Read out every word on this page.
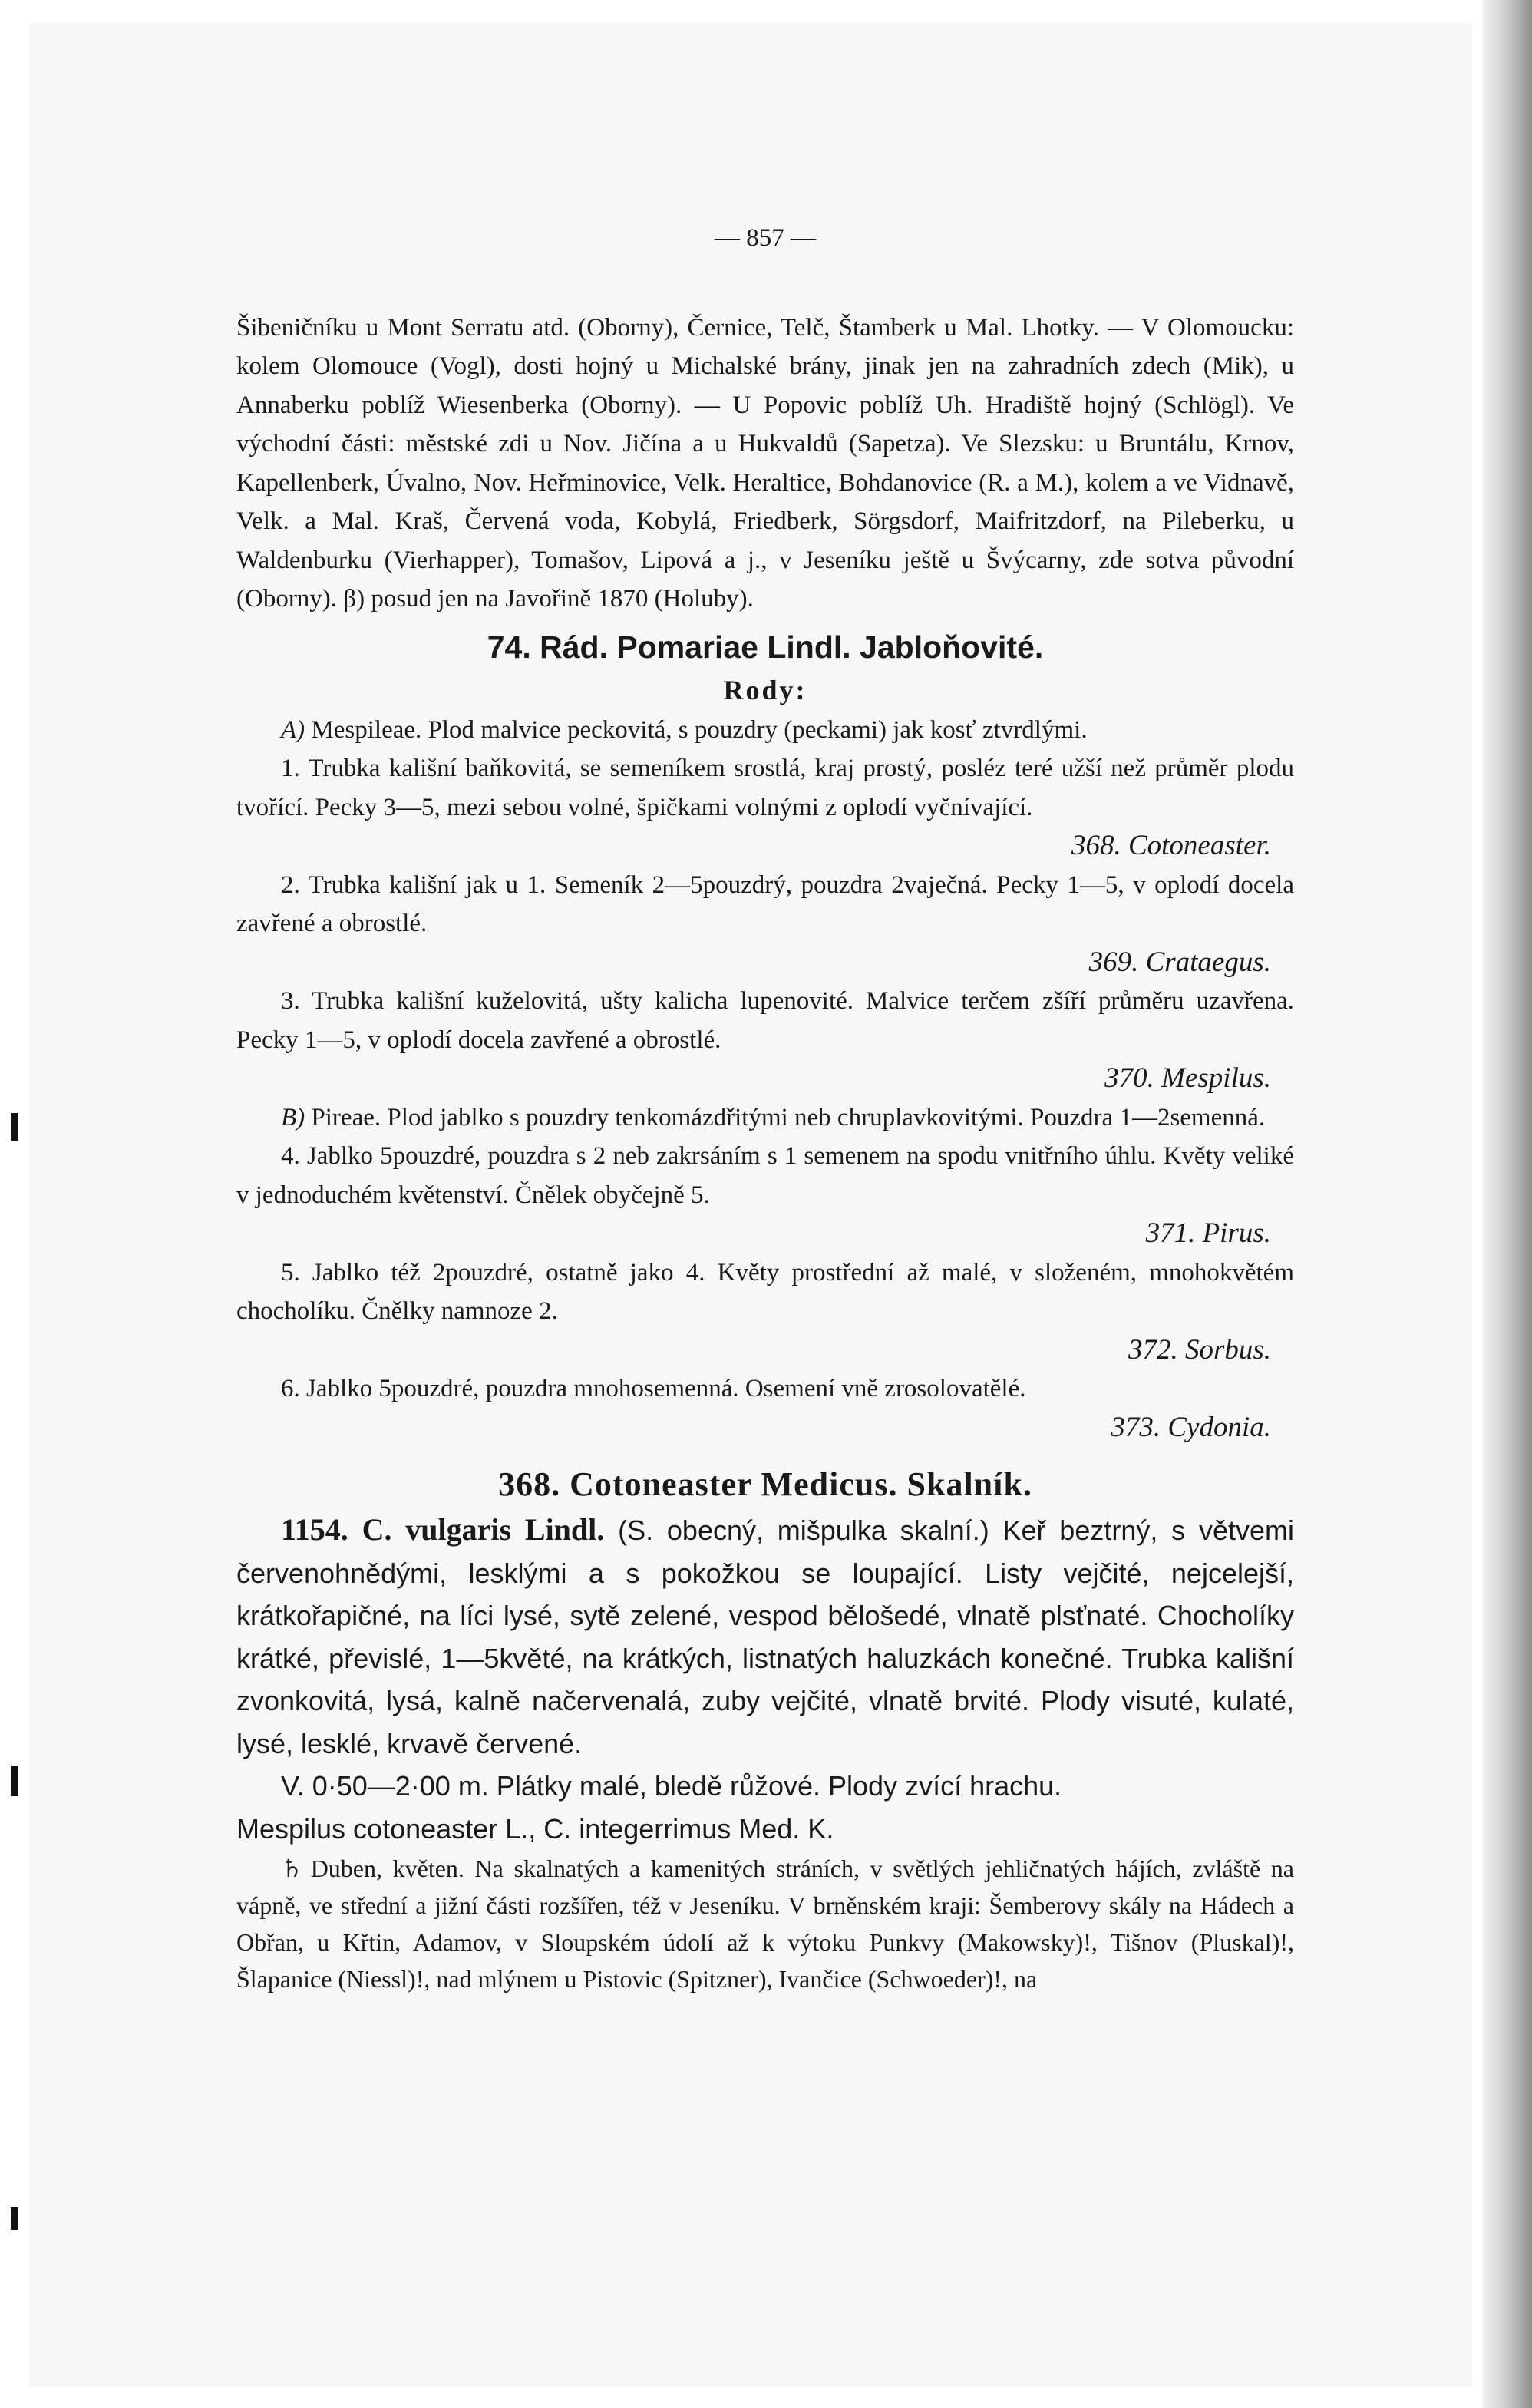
— 857 —

Šibeničníku u Mont Serratu atd. (Oborny), Černice, Telč, Štamberk u Mal. Lhotky. — V Olomoucku: kolem Olomouce (Vogl), dosti hojný u Michalské brány, jinak jen na zahradních zdech (Mik), u Annaberku poblíž Wiesenberka (Oborny). — U Popovic poblíž Uh. Hradiště hojný (Schlögl). Ve východní části: městské zdi u Nov. Jičína a u Hukvaldů (Sapetza). Ve Slezsku: u Bruntálu, Krnov, Kapellenberk, Úvalno, Nov. Heřminovice, Velk. Heraltice, Bohdanovice (R. a M.), kolem a ve Vidnavě, Velk. a Mal. Kraš, Červená voda, Kobylá, Friedberk, Sörgsdorf, Maifritzdorf, na Pileberku, u Waldenburku (Vierhapper), Tomašov, Lipová a j., v Jeseníku ještě u Švýcarny, zde sotva původní (Oborny). β) posud jen na Javořině 1870 (Holuby).

74. Rád. Pomariae Lindl. Jabloňovité.

Rody:

A) Mespileae. Plod malvice peckovitá, s pouzdry (peckami) jak kosť ztvrdlými.

1. Trubka kališní baňkovitá, se semeníkem srostlá, kraj prostý, posléz teré užší než průměr plodu tvořící. Pecky 3—5, mezi sebou volné, špičkami volnými z oplodí vyčnívající.

368. Cotoneaster.

2. Trubka kališní jak u 1. Semeník 2—5pouzdrý, pouzdra 2vaječná. Pecky 1—5, v oplodí docela zavřené a obrostlé.

369. Crataegus.

3. Trubka kališní kuželovitá, ušty kalicha lupenovité. Malvice terčem zšíří průměru uzavřena. Pecky 1—5, v oplodí docela zavřené a obrostlé.

370. Mespilus.

B) Pireae. Plod jablko s pouzdry tenkomázdřitými neb chruplavkovitými. Pouzdra 1—2semenná.

4. Jablko 5pouzdré, pouzdra s 2 neb zakrsáním s 1 semenem na spodu vnitřního úhlu. Květy veliké v jednoduchém květenství. Čnělek obyčejně 5.

371. Pirus.

5. Jablko též 2pouzdré, ostatně jako 4. Květy prostřední až malé, v složeném, mnohokvětém chocholíku. Čnělky namnoze 2.

372. Sorbus.

6. Jablko 5pouzdré, pouzdra mnohosemenná. Osemení vně zrosolovatělé.

373. Cydonia.

368. Cotoneaster Medicus. Skalník.

1154. C. vulgaris Lindl. (S. obecný, mišpulka skalní.) Keř beztrný, s větvemi červenohnědými, lesklými a s pokožkou se loupající. Listy vejčité, nejcelejší, krátkořapičné, na líci lysé, sytě zelené, vespod bělošedé, vlnatě plsťnaté. Chocholíky krátké, převislé, 1—5květé, na krátkých, listnatých haluzkách konečné. Trubka kališní zvonkovitá, lysá, kalně načervenalá, zuby vejčité, vlnatě brvité. Plody visuté, kulaté, lysé, lesklé, krvavě červené.

V. 0·50—2·00 m. Plátky malé, bledě růžové. Plody zvící hrachu.

Mespilus cotoneaster L., C. integerrimus Med. K.

♄ Duben, květen. Na skalnatých a kamenitých stráních, v světlých jehličnatých hájích, zvláště na vápně, ve střední a jižní části rozšířen, též v Jeseníku. V brněnském kraji: Šemberovy skály na Hádech a Obřan, u Křtin, Adamov, v Sloupském údolí až k výtoku Punkvy (Makowsky)!, Tišnov (Pluskal)!, Šlapanice (Niessl)!, nad mlýnem u Pistovic (Spitzner), Ivančice (Schwoeder)!, na
